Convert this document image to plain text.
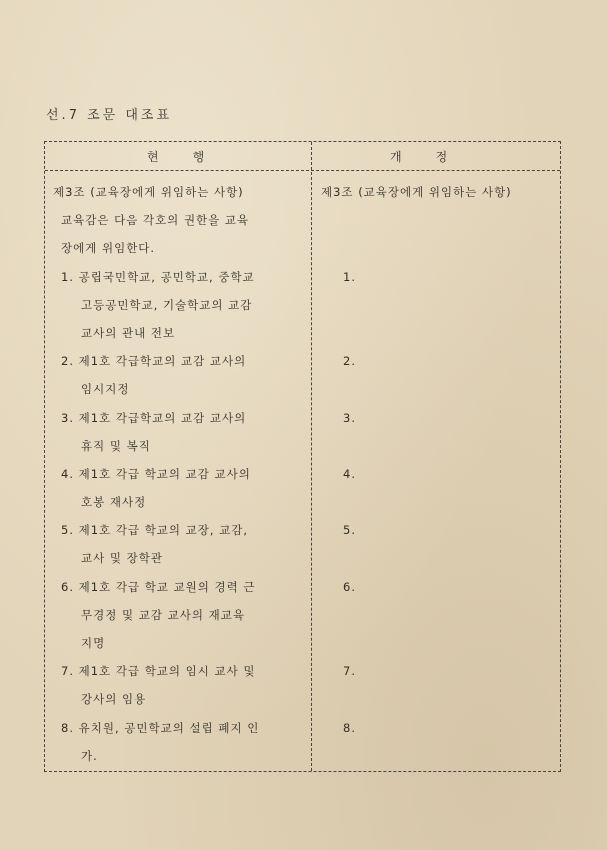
선.7 조문 대조표
현행	개정
제3조 (교육장에게 위임하는 사항)
교육감은 다음 각호의 권한을 교육
장에게 위임한다.
1. 공립국민학교, 공민학교, 중학교
고등공민학교, 기술학교의 교감
교사의 관내 전보
2. 제1호 각급학교의 교감 교사의
임시지정
3. 제1호 각급학교의 교감 교사의
휴직 및 복직
4. 제1호 각급 학교의 교감 교사의
호봉 재사정
5. 제1호 각급 학교의 교장, 교감,
교사 및 장학관
6. 제1호 각급 학교 교원의 경력 근
무경정 및 교감 교사의 재교육
지명
7. 제1호 각급 학교의 임시 교사 및
강사의 임용
8. 유치원, 공민학교의 설립 폐지 인
가.
제3조 (교육장에게 위임하는 사항)
1.
2.
3.
4.
5.
6.
7.
8.
